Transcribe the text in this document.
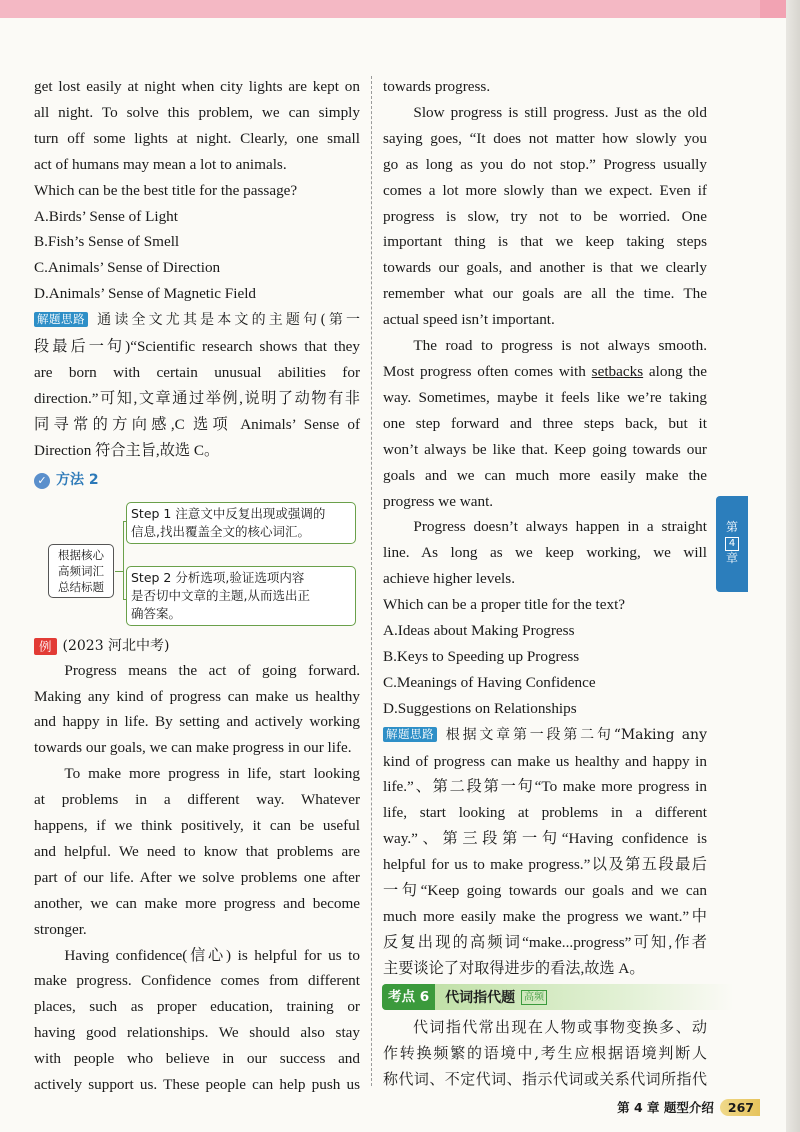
get lost easily at night when city lights are kept on

all night. To solve this problem, we can simply

turn off some lights at night. Clearly, one small

act of humans may mean a lot to animals.

Which can be the best title for the passage?

A.Birds’ Sense of Light

B.Fish’s Sense of Smell

C.Animals’ Sense of Direction

D.Animals’ Sense of Magnetic Field

解题思路 通读全文尤其是本文的主题句(第一

段最后一句)“Scientific research shows that they

are born with certain unusual abilities for

direction.”可知,文章通过举例,说明了动物有非

同寻常的方向感,C 选项 Animals’ Sense of

Direction 符合主旨,故选 C。

✓ 方法 2
根据核心
高频词汇
总结标题
Step 1 注意文中反复出现或强调的
信息,找出覆盖全文的核心词汇。
Step 2 分析选项,验证选项内容
是否切中文章的主题,从而选出正
确答案。
例 (2023 河北中考)

Progress means the act of going forward.

Making any kind of progress can make us healthy

and happy in life. By setting and actively working

towards our goals, we can make progress in our life.

To make more progress in life, start looking

at problems in a different way. Whatever

happens, if we think positively, it can be useful

and helpful. We need to know that problems are

part of our life. After we solve problems one after

another, we can make more progress and become

stronger.

Having confidence(信心) is helpful for us to

make progress. Confidence comes from different

places, such as proper education, training or

having good relationships. We should also stay

with people who believe in our success and

actively support us. These people can help push us

towards progress.

Slow progress is still progress. Just as the old

saying goes, “It does not matter how slowly you

go as long as you do not stop.” Progress usually

comes a lot more slowly than we expect. Even if

progress is slow, try not to be worried. One

important thing is that we keep taking steps

towards our goals, and another is that we clearly

remember what our goals are all the time. The

actual speed isn’t important.

The road to progress is not always smooth.

Most progress often comes with setbacks along the

way. Sometimes, maybe it feels like we’re taking

one step forward and three steps back, but it

won’t always be like that. Keep going towards our

goals and we can much more easily make the

progress we want.

Progress doesn’t always happen in a straight

line. As long as we keep working, we will

achieve higher levels.

Which can be a proper title for the text?

A.Ideas about Making Progress

B.Keys to Speeding up Progress

C.Meanings of Having Confidence

D.Suggestions on Relationships

解题思路 根据文章第一段第二句“Making any

kind of progress can make us healthy and happy in

life.”、第二段第一句“To make more progress in

life, start looking at problems in a different

way.”、第三段第一句“Having confidence is

helpful for us to make progress.”以及第五段最后

一句“Keep going towards our goals and we can

much more easily make the progress we want.”中

反复出现的高频词“make...progress”可知,作者

主要谈论了对取得进步的看法,故选 A。

考点 6	代词指代题 高频
代词指代常出现在人物或事物变换多、动
作转换频繁的语境中,考生应根据语境判断人
称代词、不定代词、指示代词或关系代词所指代
第
4
章
第 4 章 题型介绍	267
